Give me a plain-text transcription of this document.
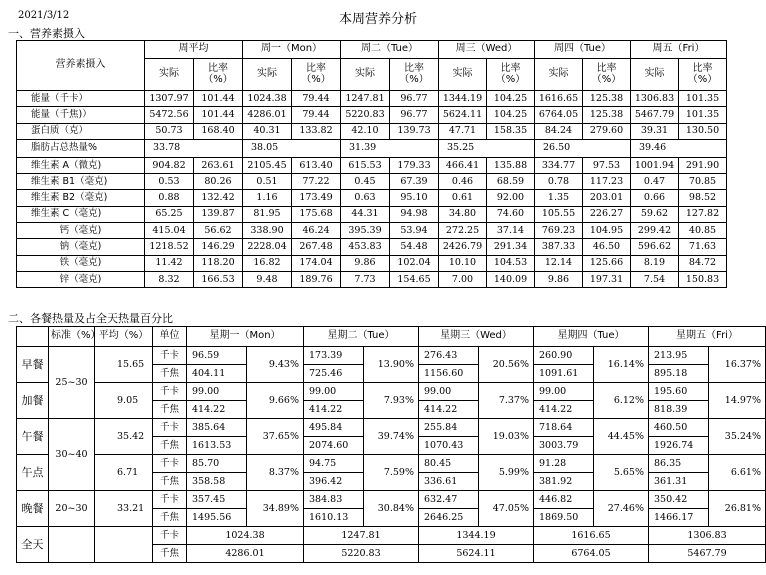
2021/3/12	本周营养分析
一、营养素摄入
营养素摄入	周平均		周一（Mon）		周二（Tue）		周三（Wed）		周四（Tue）		周五（Fri）	
	实际	比率（%）	实际	比率（%）	实际	比率（%）	实际	比率（%）	实际	比率（%）	实际	比率（%）
能量（千卡）	1307.97	101.44	1024.38	79.44	1247.81	96.77	1344.19	104.25	1616.65	125.38	1306.83	101.35
能量（千焦)）	5472.56	101.44	4286.01	79.44	5220.83	96.77	5624.11	104.25	6764.05	125.38	5467.79	101.35
蛋白质（克）	50.73	168.40	40.31	133.82	42.10	139.73	47.71	158.35	84.24	279.60	39.31	130.50
脂肪占总热量%	33.78		38.05		31.39		35.25		26.50		39.46	
维生素 A（微克)	904.82	263.61	2105.45	613.40	615.53	179.33	466.41	135.88	334.77	97.53	1001.94	291.90
维生素 B1（毫克)	0.53	80.26	0.51	77.22	0.45	67.39	0.46	68.59	0.78	117.23	0.47	70.85
维生素 B2（毫克)	0.88	132.42	1.16	173.49	0.63	95.10	0.61	92.00	1.35	203.01	0.66	98.52
维生素 C（毫克)	65.25	139.87	81.95	175.68	44.31	94.98	34.80	74.60	105.55	226.27	59.62	127.82
钙（毫克)	415.04	56.62	338.90	46.24	395.39	53.94	272.25	37.14	769.23	104.95	299.42	40.85
钠（毫克)	1218.52	146.29	2228.04	267.48	453.83	54.48	2426.79	291.34	387.33	46.50	596.62	71.63
铁（毫克)	11.42	118.20	16.82	174.04	9.86	102.04	10.10	104.53	12.14	125.66	8.19	84.72
锌（毫克)	8.32	166.53	9.48	189.76	7.73	154.65	7.00	140.09	9.86	197.31	7.54	150.83
二、各餐热量及占全天热量百分比
	标准（%）	平均（%）	单位	星期一（Mon）		星期二（Tue）		星期三（Wed）		星期四（Tue）		星期五（Fri）	
早餐	25~30	15.65	千卡	96.59	9.43%	173.39	13.90%	276.43	20.56%	260.90	16.14%	213.95	16.37%
			千焦	404.11		725.46		1156.60		1091.61		895.18	
加餐		9.05	千卡	99.00	9.66%	99.00	7.93%	99.00	7.37%	99.00	6.12%	195.60	14.97%
			千焦	414.22		414.22		414.22		414.22		818.39	
午餐	30~40	35.42	千卡	385.64	37.65%	495.84	39.74%	255.84	19.03%	718.64	44.45%	460.50	35.24%
			千焦	1613.53		2074.60		1070.43		3003.79		1926.74	
午点		6.71	千卡	85.70	8.37%	94.75	7.59%	80.45	5.99%	91.28	5.65%	86.35	6.61%
			千焦	358.58		396.42		336.61		381.92		361.31	
晚餐	20~30	33.21	千卡	357.45	34.89%	384.83	30.84%	632.47	47.05%	446.82	27.46%	350.42	26.81%
			千焦	1495.56		1610.13		2646.25		1869.50		1466.17	
全天			千卡	1024.38		1247.81		1344.19		1616.65		1306.83	
			千焦	4286.01		5220.83		5624.11		6764.05		5467.79	
